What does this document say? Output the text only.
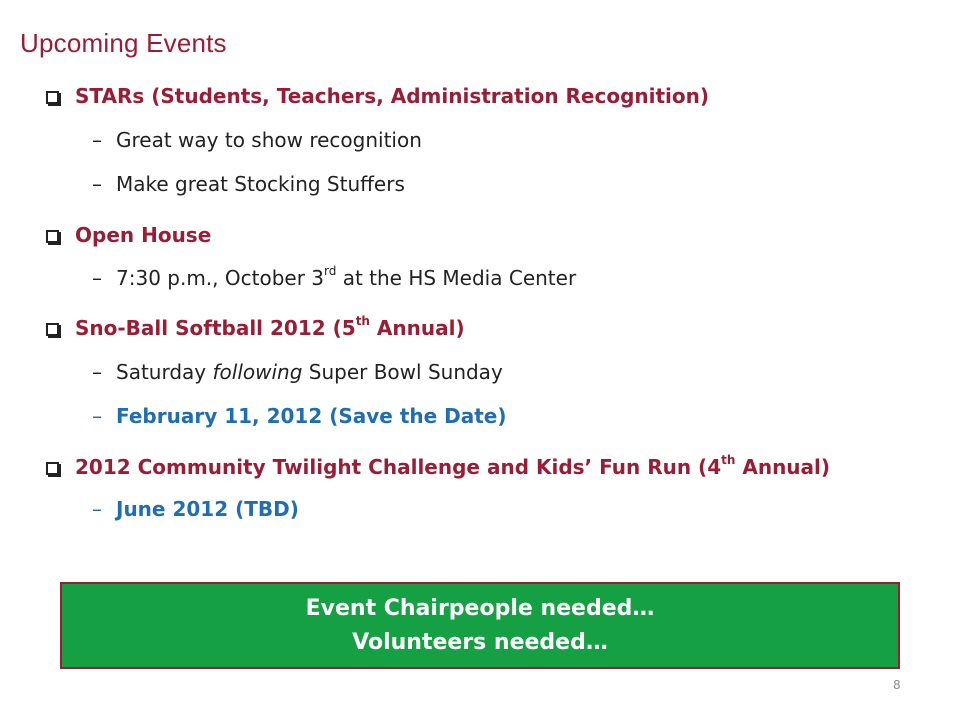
Upcoming Events
STARs (Students, Teachers, Administration Recognition)
– Great way to show recognition
– Make great Stocking Stuffers
Open House
– 7:30 p.m., October 3rd at the HS Media Center
Sno-Ball Softball 2012 (5th Annual)
– Saturday following Super Bowl Sunday
– February 11, 2012 (Save the Date)
2012 Community Twilight Challenge and Kids’ Fun Run (4th Annual)
– June 2012 (TBD)
Event Chairpeople needed…
Volunteers needed…
8
